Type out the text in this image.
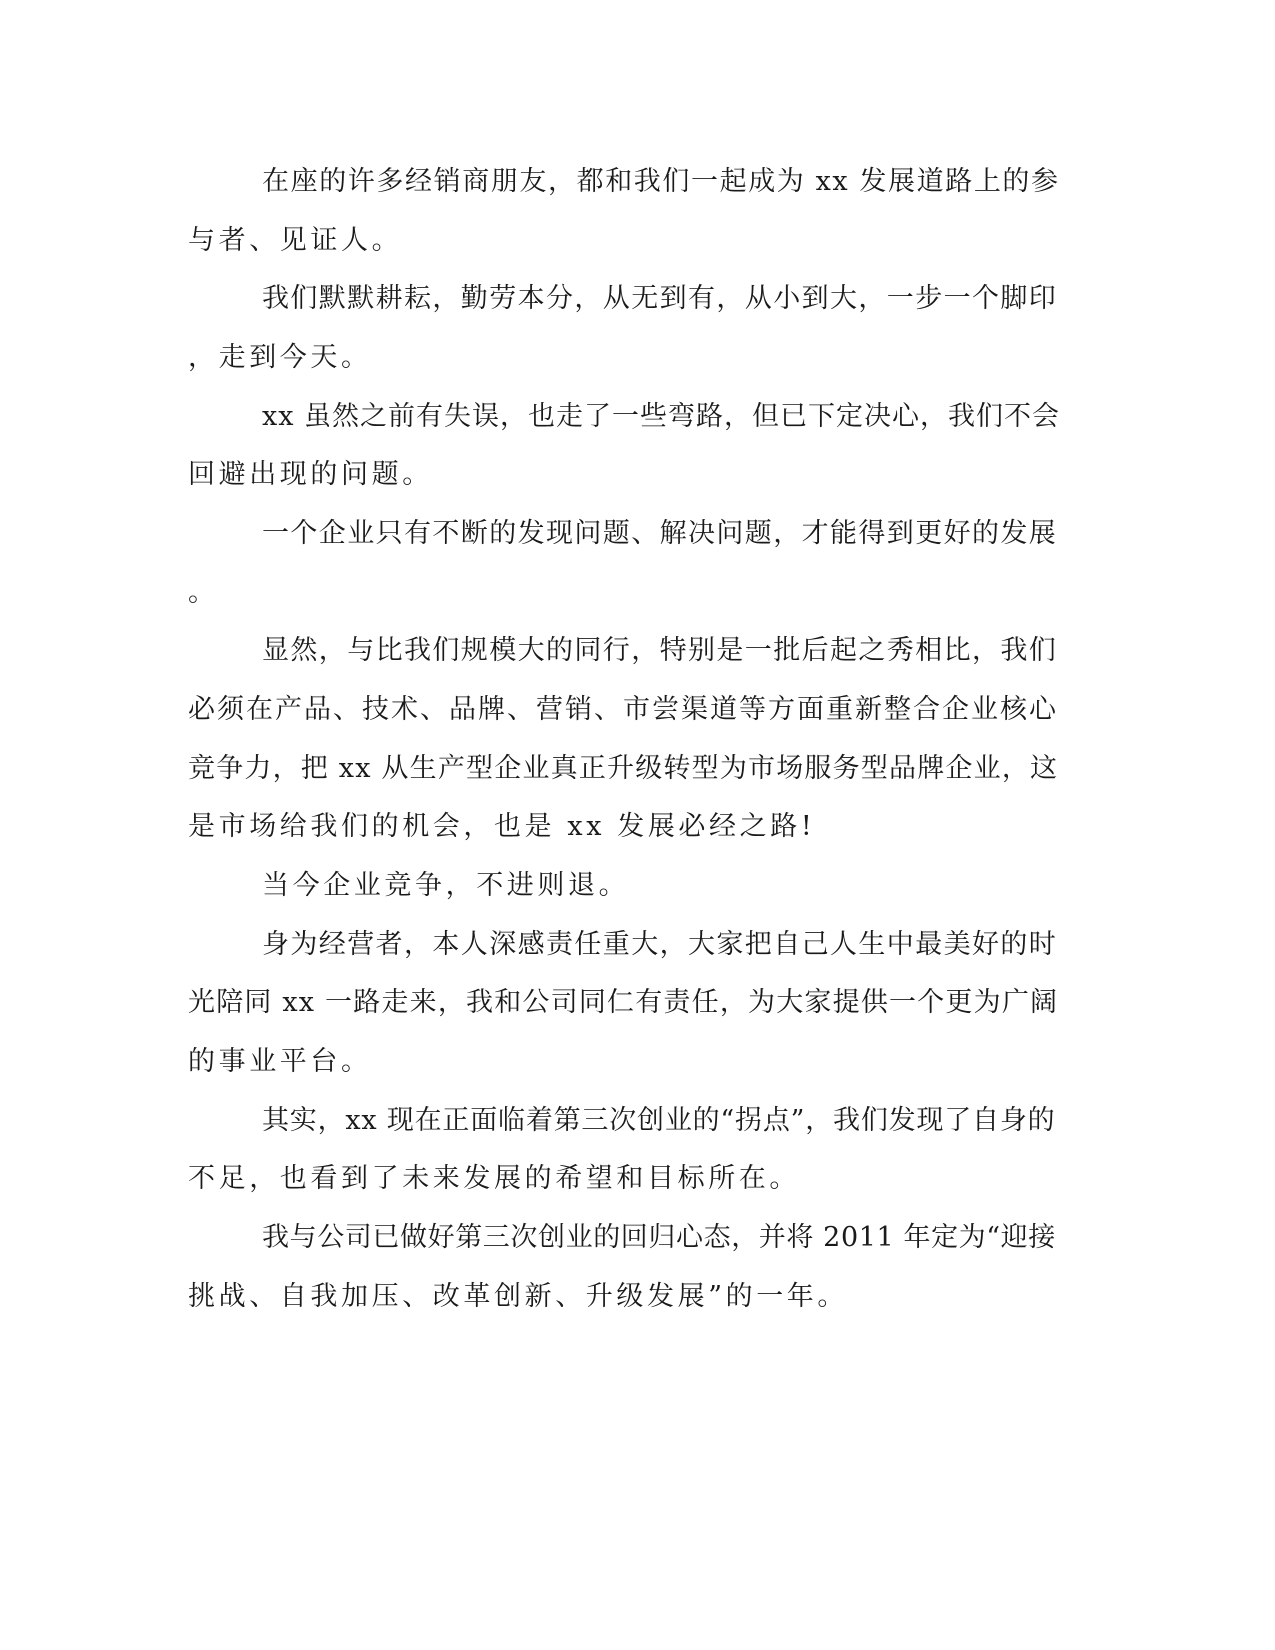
在座的许多经销商朋友，都和我们一起成为 xx 发展道路上的参

与者、见证人。

我们默默耕耘，勤劳本分，从无到有，从小到大，一步一个脚印

，走到今天。

xx 虽然之前有失误，也走了一些弯路，但已下定决心，我们不会

回避出现的问题。

一个企业只有不断的发现问题、解决问题，才能得到更好的发展

。

显然，与比我们规模大的同行，特别是一批后起之秀相比，我们

必须在产品、技术、品牌、营销、市尝渠道等方面重新整合企业核心

竞争力，把 xx 从生产型企业真正升级转型为市场服务型品牌企业，这

是市场给我们的机会，也是 xx 发展必经之路!

当今企业竞争，不进则退。

身为经营者，本人深感责任重大，大家把自己人生中最美好的时

光陪同 xx 一路走来，我和公司同仁有责任，为大家提供一个更为广阔

的事业平台。

其实，xx 现在正面临着第三次创业的“拐点”，我们发现了自身的

不足，也看到了未来发展的希望和目标所在。

我与公司已做好第三次创业的回归心态，并将 2011 年定为“迎接

挑战、自我加压、改革创新、升级发展”的一年。
